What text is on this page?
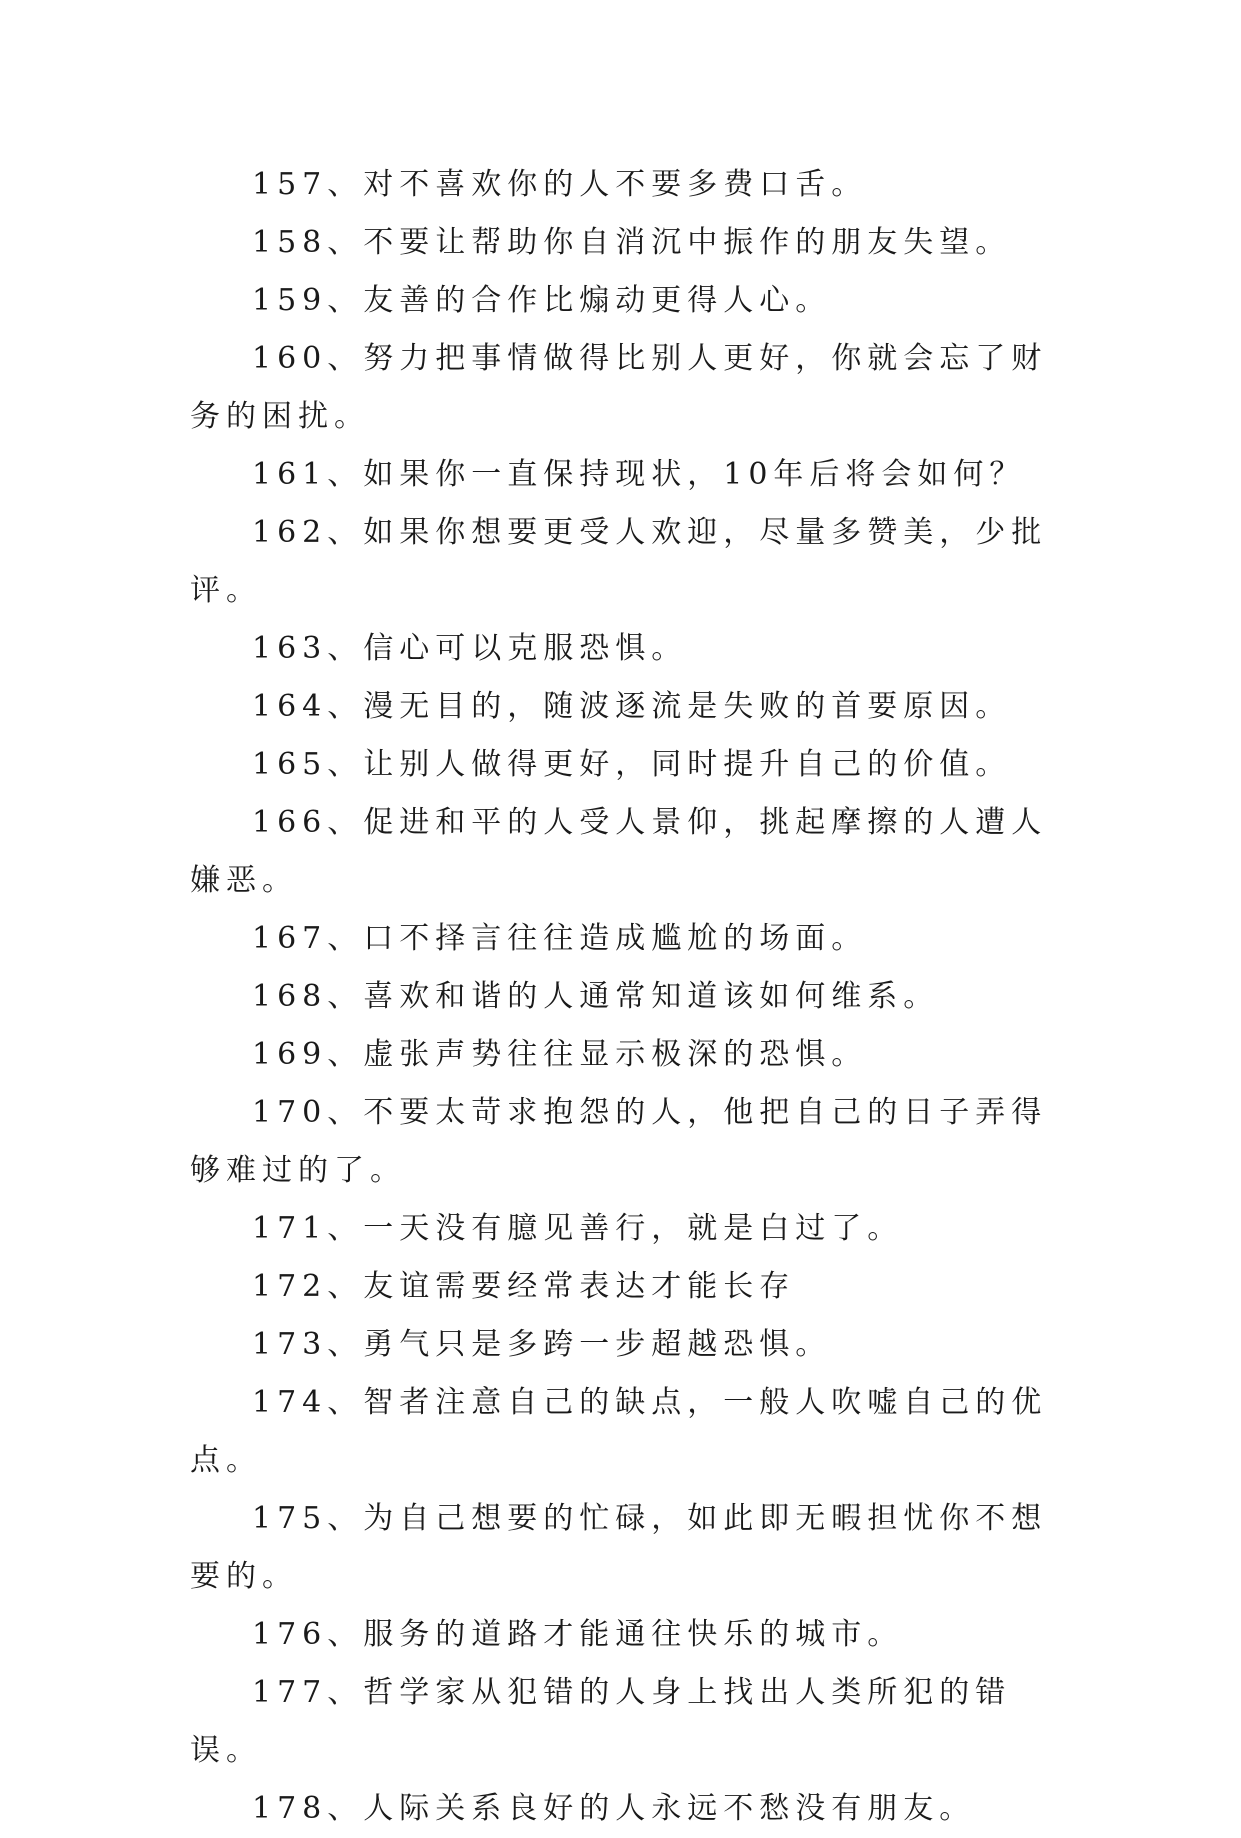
157、对不喜欢你的人不要多费口舌。

158、不要让帮助你自消沉中振作的朋友失望。

159、友善的合作比煽动更得人心。

160、努力把事情做得比别人更好，你就会忘了财务的困扰。

161、如果你一直保持现状，10年后将会如何？

162、如果你想要更受人欢迎，尽量多赞美，少批评。

163、信心可以克服恐惧。

164、漫无目的，随波逐流是失败的首要原因。

165、让别人做得更好，同时提升自己的价值。

166、促进和平的人受人景仰，挑起摩擦的人遭人嫌恶。

167、口不择言往往造成尴尬的场面。

168、喜欢和谐的人通常知道该如何维系。

169、虚张声势往往显示极深的恐惧。

170、不要太苛求抱怨的人，他把自己的日子弄得够难过的了。

171、一天没有臆见善行，就是白过了。

172、友谊需要经常表达才能长存

173、勇气只是多跨一步超越恐惧。

174、智者注意自己的缺点，一般人吹嘘自己的优点。

175、为自己想要的忙碌，如此即无暇担忧你不想要的。

176、服务的道路才能通往快乐的城市。

177、哲学家从犯错的人身上找出人类所犯的错误。

178、人际关系良好的人永远不愁没有朋友。
